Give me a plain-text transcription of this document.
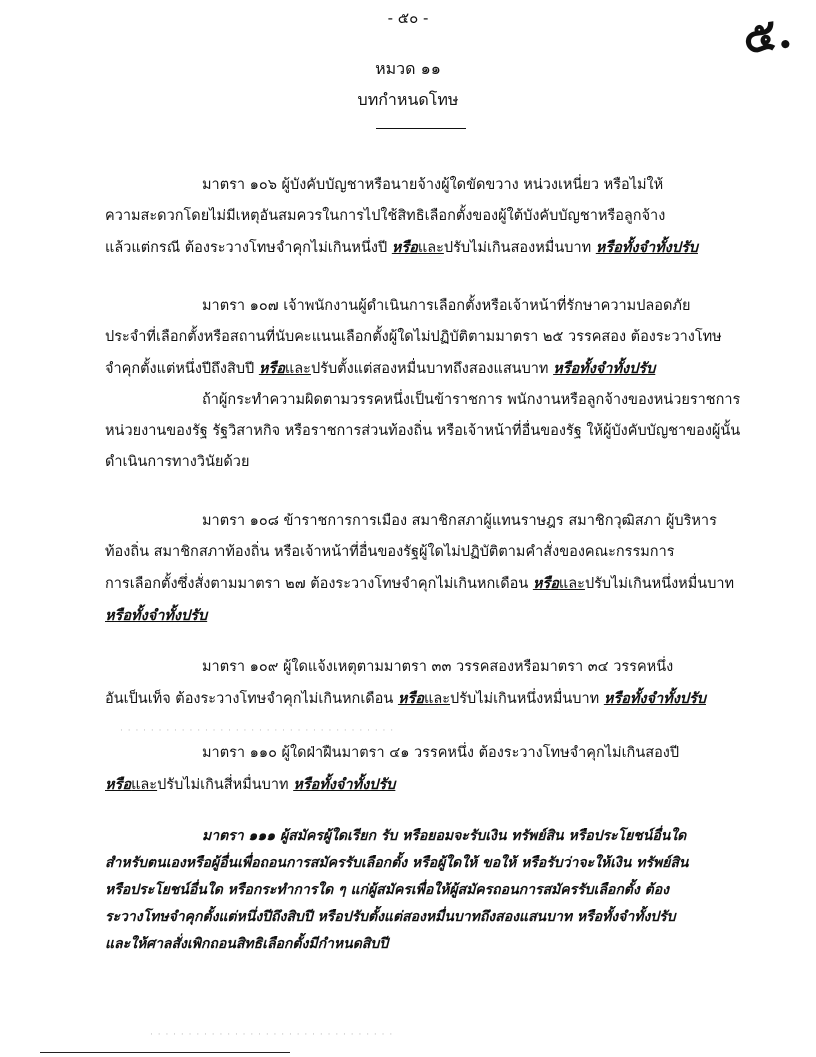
- ๕๐ -	๕.
หมวด ๑๑
บทกำหนดโทษ
มาตรา ๑๐๖ ผู้บังคับบัญชาหรือนายจ้างผู้ใดขัดขวาง หน่วงเหนี่ยว หรือไม่ให้
ความสะดวกโดยไม่มีเหตุอันสมควรในการไปใช้สิทธิเลือกตั้งของผู้ใต้บังคับบัญชาหรือลูกจ้าง
แล้วแต่กรณี ต้องระวางโทษจำคุกไม่เกินหนึ่งปี หรือและปรับไม่เกินสองหมื่นบาท หรือทั้งจำทั้งปรับ
มาตรา ๑๐๗ เจ้าพนักงานผู้ดำเนินการเลือกตั้งหรือเจ้าหน้าที่รักษาความปลอดภัย
ประจำที่เลือกตั้งหรือสถานที่นับคะแนนเลือกตั้งผู้ใดไม่ปฏิบัติตามมาตรา ๒๕ วรรคสอง ต้องระวางโทษ
จำคุกตั้งแต่หนึ่งปีถึงสิบปี หรือและปรับตั้งแต่สองหมื่นบาทถึงสองแสนบาท หรือทั้งจำทั้งปรับ
ถ้าผู้กระทำความผิดตามวรรคหนึ่งเป็นข้าราชการ พนักงานหรือลูกจ้างของหน่วยราชการ
หน่วยงานของรัฐ รัฐวิสาหกิจ หรือราชการส่วนท้องถิ่น หรือเจ้าหน้าที่อื่นของรัฐ ให้ผู้บังคับบัญชาของผู้นั้น
ดำเนินการทางวินัยด้วย
มาตรา ๑๐๘ ข้าราชการการเมือง สมาชิกสภาผู้แทนราษฎร สมาชิกวุฒิสภา ผู้บริหาร
ท้องถิ่น สมาชิกสภาท้องถิ่น หรือเจ้าหน้าที่อื่นของรัฐผู้ใดไม่ปฏิบัติตามคำสั่งของคณะกรรมการ
การเลือกตั้งซึ่งสั่งตามมาตรา ๒๗ ต้องระวางโทษจำคุกไม่เกินหกเดือน หรือและปรับไม่เกินหนึ่งหมื่นบาท
หรือทั้งจำทั้งปรับ
มาตรา ๑๐๙ ผู้ใดแจ้งเหตุตามมาตรา ๓๓ วรรคสองหรือมาตรา ๓๔ วรรคหนึ่ง
อันเป็นเท็จ ต้องระวางโทษจำคุกไม่เกินหกเดือน หรือและปรับไม่เกินหนึ่งหมื่นบาท หรือทั้งจำทั้งปรับ
· · · · · · · · · · · · · · · · · · · · · · · · · · · · · · · · · · · ·
มาตรา ๑๑๐ ผู้ใดฝ่าฝืนมาตรา ๔๑ วรรคหนึ่ง ต้องระวางโทษจำคุกไม่เกินสองปี
หรือและปรับไม่เกินสี่หมื่นบาท หรือทั้งจำทั้งปรับ
มาตรา ๑๑๑ ผู้สมัครผู้ใดเรียก รับ หรือยอมจะรับเงิน ทรัพย์สิน หรือประโยชน์อื่นใด
สำหรับตนเองหรือผู้อื่นเพื่อถอนการสมัครรับเลือกตั้ง หรือผู้ใดให้ ขอให้ หรือรับว่าจะให้เงิน ทรัพย์สิน
หรือประโยชน์อื่นใด หรือกระทำการใด ๆ แก่ผู้สมัครเพื่อให้ผู้สมัครถอนการสมัครรับเลือกตั้ง ต้อง
ระวางโทษจำคุกตั้งแต่หนึ่งปีถึงสิบปี หรือปรับตั้งแต่สองหมื่นบาทถึงสองแสนบาท หรือทั้งจำทั้งปรับ
และให้ศาลสั่งเพิกถอนสิทธิเลือกตั้งมีกำหนดสิบปี
· · · · · · · · · · · · · · · · · · · · · · · · · · · · · · · ·
